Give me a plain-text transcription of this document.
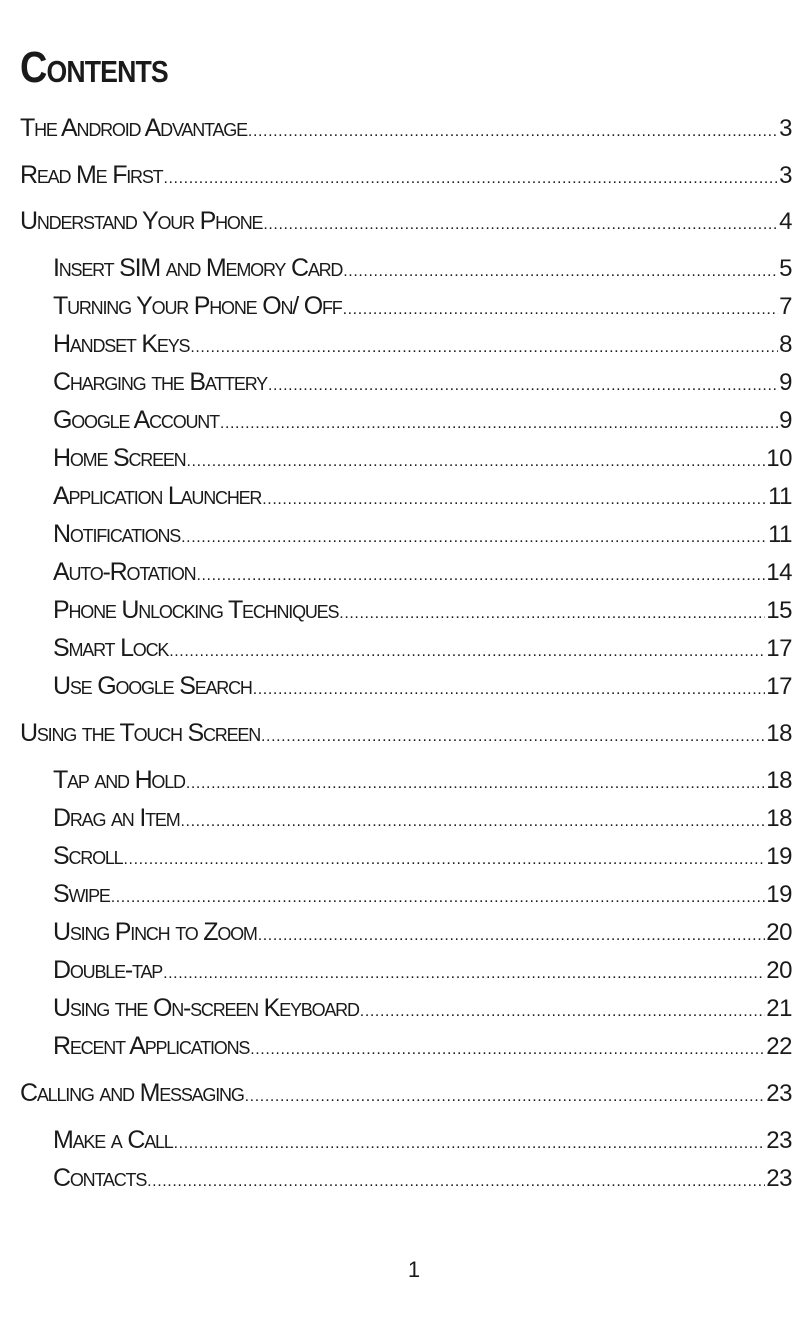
Contents
The Android Advantage .....	3
Read Me First .....	3
Understand Your Phone .....	4
Insert SIM and Memory Card .....	5
Turning Your Phone On/ Off .....	7
Handset Keys .....	8
Charging the Battery .....	9
Google Account .....	9
Home Screen .....	10
Application Launcher .....	11
Notifications .....	11
Auto-Rotation .....	14
Phone Unlocking Techniques .....	15
Smart Lock .....	17
Use Google Search .....	17
Using the Touch Screen .....	18
Tap and Hold .....	18
Drag an Item .....	18
Scroll .....	19
Swipe .....	19
Using Pinch to Zoom .....	20
Double-tap .....	20
Using the On-screen Keyboard .....	21
Recent Applications .....	22
Calling and Messaging .....	23
Make a Call .....	23
Contacts .....	23
1
